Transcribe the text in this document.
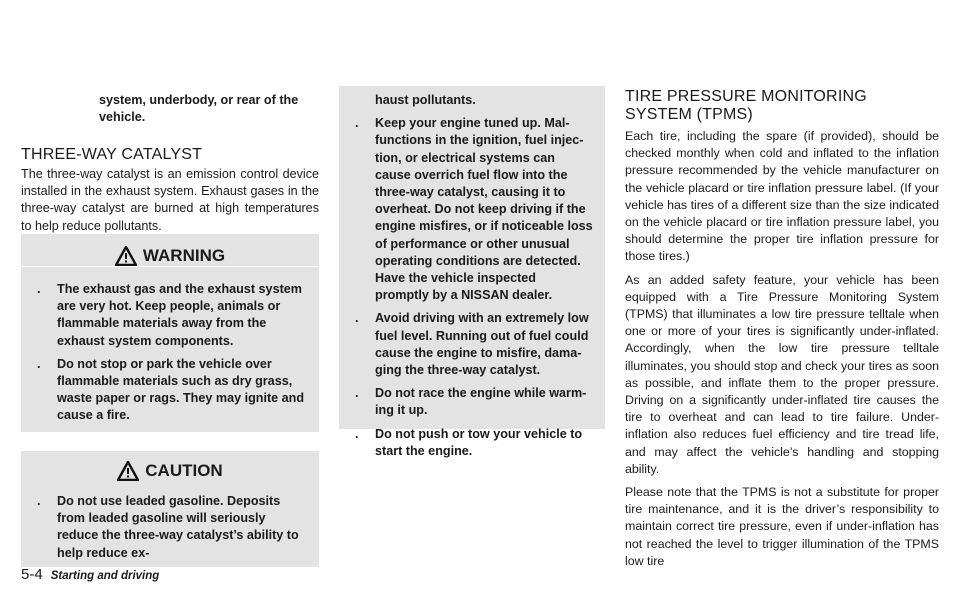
system, underbody, or rear of the vehicle.
THREE-WAY CATALYST
The three-way catalyst is an emission control device installed in the exhaust system. Exhaust gases in the three-way catalyst are burned at high temperatures to help reduce pollutants.
WARNING
. The exhaust gas and the exhaust system are very hot. Keep people, animals or flammable materials away from the exhaust system components.
. Do not stop or park the vehicle over flammable materials such as dry grass, waste paper or rags. They may ignite and cause a fire.
CAUTION
. Do not use leaded gasoline. Deposits from leaded gasoline will seriously reduce the three-way catalyst’s ability to help reduce ex-
haust pollutants.
. Keep your engine tuned up. Malfunctions in the ignition, fuel injection, or electrical systems can cause overrich fuel flow into the three-way catalyst, causing it to overheat. Do not keep driving if the engine misfires, or if noticeable loss of performance or other unusual operating conditions are detected. Have the vehicle inspected promptly by a NISSAN dealer.
. Avoid driving with an extremely low fuel level. Running out of fuel could cause the engine to misfire, damaging the three-way catalyst.
. Do not race the engine while warming it up.
. Do not push or tow your vehicle to start the engine.
TIRE PRESSURE MONITORING SYSTEM (TPMS)

Each tire, including the spare (if provided), should be checked monthly when cold and inflated to the inflation pressure recommended by the vehicle manufacturer on the vehicle placard or tire inflation pressure label. (If your vehicle has tires of a different size than the size indicated on the vehicle placard or tire inflation pressure label, you should determine the proper tire inflation pressure for those tires.)

As an added safety feature, your vehicle has been equipped with a Tire Pressure Monitoring System (TPMS) that illuminates a low tire pressure telltale when one or more of your tires is significantly under-inflated. Accordingly, when the low tire pressure telltale illuminates, you should stop and check your tires as soon as possible, and inflate them to the proper pressure. Driving on a significantly under-inflated tire causes the tire to overheat and can lead to tire failure. Under-inflation also reduces fuel efficiency and tire tread life, and may affect the vehicle’s handling and stopping ability.

Please note that the TPMS is not a substitute for proper tire maintenance, and it is the driver’s responsibility to maintain correct tire pressure, even if under-inflation has not reached the level to trigger illumination of the TPMS low tire

5-4 Starting and driving
